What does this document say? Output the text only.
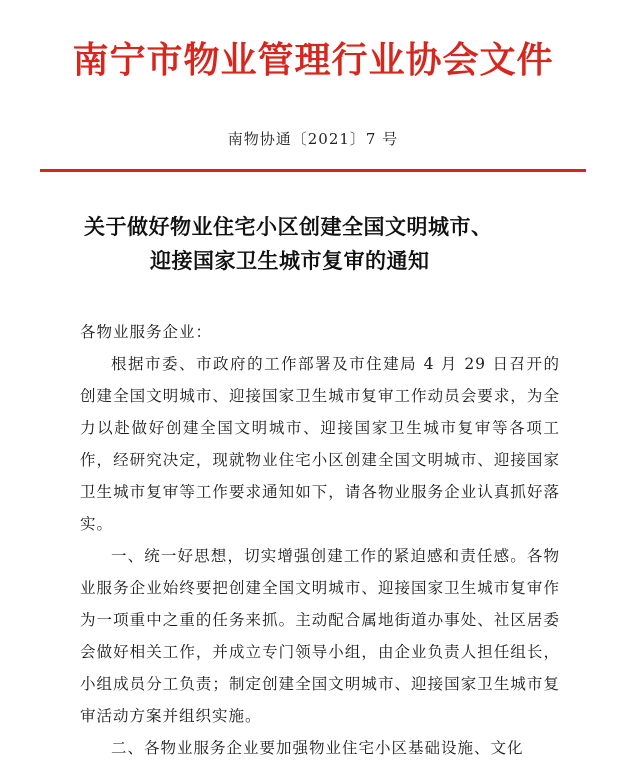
南宁市物业管理行业协会文件
南物协通〔2021〕7 号
关于做好物业住宅小区创建全国文明城市、
迎接国家卫生城市复审的通知

各物业服务企业：

根据市委、市政府的工作部署及市住建局 4 月 29 日召开的创建全国文明城市、迎接国家卫生城市复审工作动员会要求，为全力以赴做好创建全国文明城市、迎接国家卫生城市复审等各项工作，经研究决定，现就物业住宅小区创建全国文明城市、迎接国家卫生城市复审等工作要求通知如下，请各物业服务企业认真抓好落实。

一、统一好思想，切实增强创建工作的紧迫感和责任感。各物业服务企业始终要把创建全国文明城市、迎接国家卫生城市复审作为一项重中之重的任务来抓。主动配合属地街道办事处、社区居委会做好相关工作，并成立专门领导小组，由企业负责人担任组长，小组成员分工负责；制定创建全国文明城市、迎接国家卫生城市复审活动方案并组织实施。

二、各物业服务企业要加强物业住宅小区基础设施、文化
